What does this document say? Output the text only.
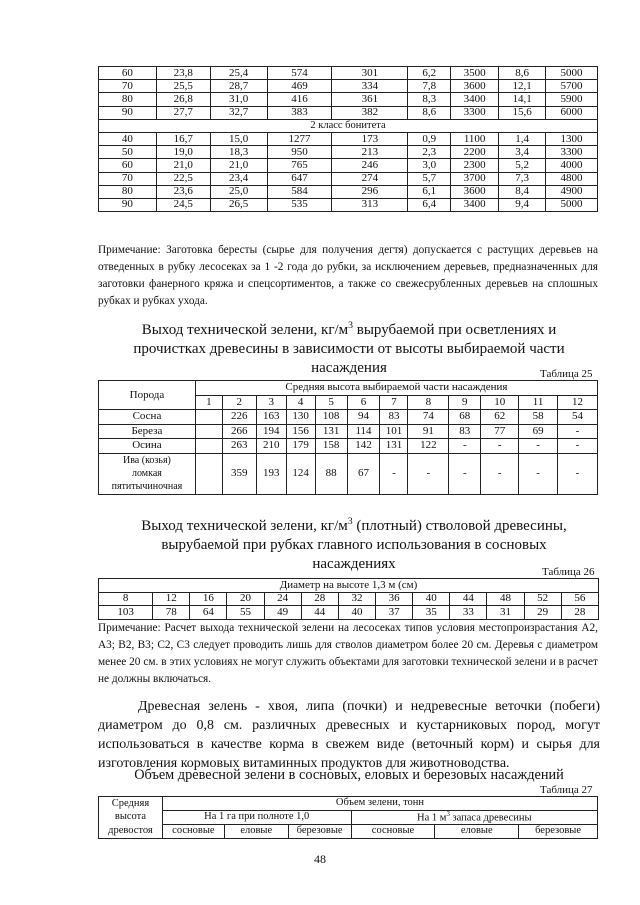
60	23,8	25,4	574	301	6,2	3500	8,6	5000
70	25,5	28,7	469	334	7,8	3600	12,1	5700
80	26,8	31,0	416	361	8,3	3400	14,1	5900
90	27,7	32,7	383	382	8,6	3300	15,6	6000
2 класс бонитета								
40	16,7	15,0	1277	173	0,9	1100	1,4	1300
50	19,0	18,3	950	213	2,3	2200	3,4	3300
60	21,0	21,0	765	246	3,0	2300	5,2	4000
70	22,5	23,4	647	274	5,7	3700	7,3	4800
80	23,6	25,0	584	296	6,1	3600	8,4	4900
90	24,5	26,5	535	313	6,4	3400	9,4	5000
Примечание: Заготовка бересты (сырье для получения дегтя) допускается с растущих деревьев на отведенных в рубку лесосеках за 1 -2 года до рубки, за исключением деревьев, предназначенных для заготовки фанерного кряжа и спецсортиментов, а также со свежесрубленных деревьев на сплошных рубках и рубках ухода.
Выход технической зелени, $кг/м^3$ вырубаемой при осветлениях и прочистках древесины в зависимости от высоты выбираемой части насаждения	Таблица 25
Порода	Средняя высота выбираемой части насаждения											
	1	2	3	4	5	6	7	8	9	10	11	12
Сосна		226	163	130	108	94	83	74	68	62	58	54
Береза		266	194	156	131	114	101	91	83	77	69	-
Осина		263	210	179	158	142	131	122	-	-	-	-

Ива (козья)
ломкая
пятитычиночная		359	193	124	88	67	-	-	-	-	-	-
Выход технической зелени, $кг/м^3$ (плотный) стволовой древесины, вырубаемой при рубках главного использования в сосновых насаждениях	Таблица 26
Диаметр на высоте 1,3 м (см)												
8	12	16	20	24	28	32	36	40	44	48	52	56
103	78	64	55	49	44	40	37	35	33	31	29	28
Примечание: Расчет выхода технической зелени на лесосеках типов условия местопроизрастания А2, А3; В2, В3; С2, С3 следует проводить лишь для стволов диаметром более 20 см. Деревья с диаметром менее 20 см. в этих условиях не могут служить объектами для заготовки технической зелени и в расчет не должны включаться.
Древесная зелень - хвоя, липа (почки) и недревесные веточки (побеги) диаметром до 0,8 см. различных древесных и кустарниковых пород, могут использоваться в качестве корма в свежем виде (веточный корм) и сырья для изготовления кормовых витаминных продуктов для животноводства.
Объем древесной зелени в сосновых, еловых и березовых насаждений
Таблица 27
Средняя	Объем зелени, тонн					
высота	На 1 га при полноте 1,0			На 1 $м^3$ запаса древесины		
древостоя	сосновые	еловые	березовые	сосновые	еловые	березовые
48
